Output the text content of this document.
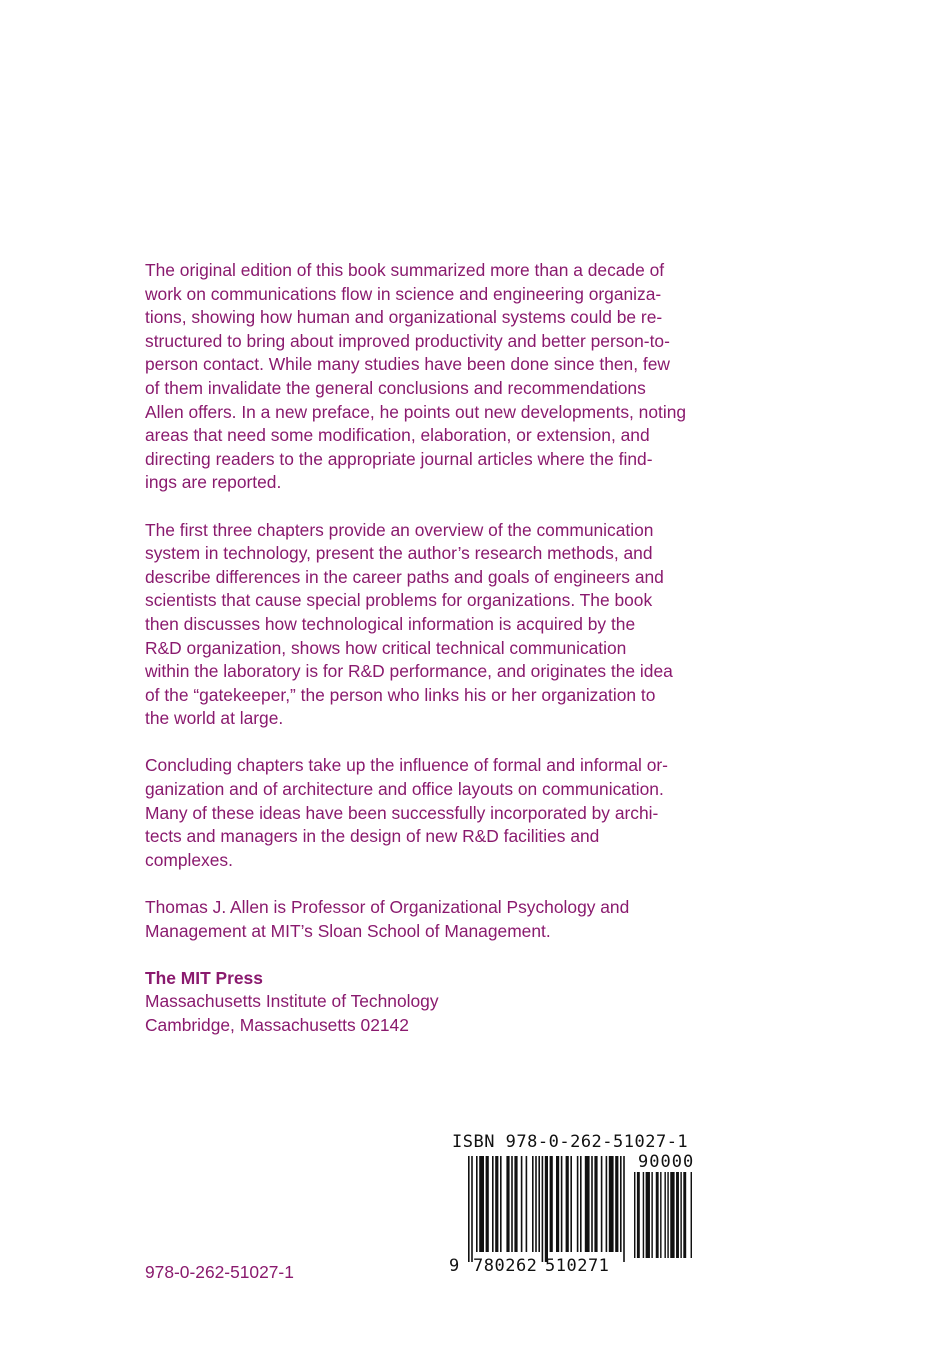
The original edition of this book summarized more than a decade of
work on communications flow in science and engineering organiza-
tions, showing how human and organizational systems could be re-
structured to bring about improved productivity and better person-to-
person contact. While many studies have been done since then, few
of them invalidate the general conclusions and recommendations
Allen offers. In a new preface, he points out new developments, noting
areas that need some modification, elaboration, or extension, and
directing readers to the appropriate journal articles where the find-
ings are reported.

The first three chapters provide an overview of the communication
system in technology, present the author’s research methods, and
describe differences in the career paths and goals of engineers and
scientists that cause special problems for organizations. The book
then discusses how technological information is acquired by the
R&D organization, shows how critical technical communication
within the laboratory is for R&D performance, and originates the idea
of the “gatekeeper,” the person who links his or her organization to
the world at large.

Concluding chapters take up the influence of formal and informal or-
ganization and of architecture and office layouts on communication.
Many of these ideas have been successfully incorporated by archi-
tects and managers in the design of new R&D facilities and
complexes.

Thomas J. Allen is Professor of Organizational Psychology and
Management at MIT’s Sloan School of Management.

The MIT Press

Massachusetts Institute of Technology

Cambridge, Massachusetts 02142

978-0-262-51027-1
ISBN 978-0-262-51027-1
90000
9 780262 510271
